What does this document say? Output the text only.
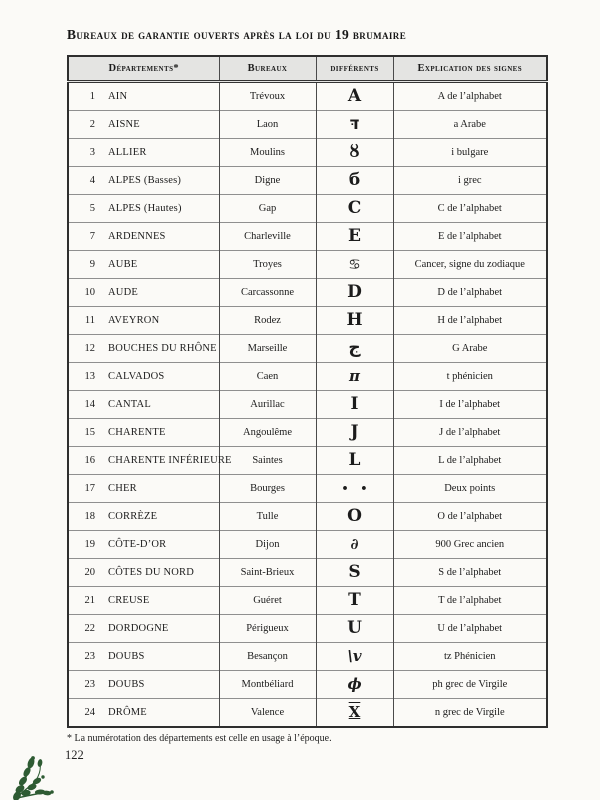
Bureaux de garantie ouverts après la loi du 19 brumaire
Départements*	Bureaux	différents	Explication des signes
1 AIN	Trévoux	A	A de l’alphabet
2 AISNE	Laon	דּ	a Arabe
3 ALLIER	Moulins	ȣ	i bulgare
4 ALPES (Basses)	Digne	б	i grec
5 ALPES (Hautes)	Gap	C	C de l’alphabet
7 ARDENNES	Charleville	E	E de l’alphabet
9 AUBE	Troyes	♋	Cancer, signe du zodiaque
10 AUDE	Carcassonne	D	D de l’alphabet
11 AVEYRON	Rodez	H	H de l’alphabet
12 BOUCHES DU RHÔNE	Marseille	ج	G Arabe
13 CALVADOS	Caen	π	t phénicien
14 CANTAL	Aurillac	I	I de l’alphabet
15 CHARENTE	Angoulême	J	J de l’alphabet
16 CHARENTE INFÉRIEURE	Saintes	L	L de l’alphabet
17 CHER	Bourges	• •	Deux points
18 CORRÈZE	Tulle	O	O de l’alphabet
19 CÔTE-D’OR	Dijon	∂	900 Grec ancien
20 CÔTES DU NORD	Saint-Brieux	S	S de l’alphabet
21 CREUSE	Guéret	T	T de l’alphabet
22 DORDOGNE	Périgueux	U	U de l’alphabet
23 DOUBS	Besançon	\v	tz Phénicien
23 DOUBS	Montbéliard	ϕ	ph grec de Virgile
24 DRÔME	Valence	X	n grec de Virgile
* La numérotation des départements est celle en usage à l’époque.
122
